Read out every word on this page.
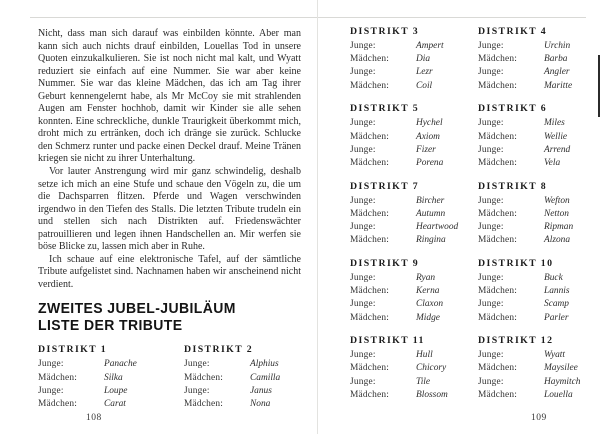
Nicht, dass man sich darauf was einbilden könnte. Aber man kann sich auch nichts drauf einbilden, Louellas Tod in unsere Quoten einzukalkulieren. Sie ist noch nicht mal kalt, und Wyatt reduziert sie einfach auf eine Nummer. Sie war aber keine Nummer. Sie war das kleine Mädchen, das ich am Tag ihrer Geburt kennengelernt habe, als Mr McCoy sie mit strahlenden Augen am Fenster hochhob, damit wir Kinder sie alle sehen konnten. Eine schreckliche, dunkle Traurigkeit überkommt mich, droht mich zu ertränken, doch ich dränge sie zurück. Schlucke den Schmerz runter und packe einen Deckel drauf. Meine Tränen kriegen sie nicht zu ihrer Unterhaltung.

Vor lauter Anstrengung wird mir ganz schwindelig, deshalb setze ich mich an eine Stufe und schaue den Vögeln zu, die um die Dachsparren flitzen. Pferde und Wagen verschwinden irgendwo in den Tiefen des Stalls. Die letzten Tribute trudeln ein und stellen sich nach Distrikten auf. Friedenswächter patrouillieren und legen ihnen Handschellen an. Mir werfen sie böse Blicke zu, lassen mich aber in Ruhe.

Ich schaue auf eine elektronische Tafel, auf der sämtliche Tribute aufgelistet sind. Nachnamen haben wir anscheinend nicht verdient.

ZWEITES JUBEL-JUBILÄUM
LISTE DER TRIBUTE
DISTRIKT 1
Junge:	Panache
Mädchen:	Silka
Junge:	Loupe
Mädchen:	Carat
DISTRIKT 2
Junge:	Alphius
Mädchen:	Camilla
Junge:	Janus
Mädchen:	Nona
DISTRIKT 3
Junge:	Ampert
Mädchen:	Dia
Junge:	Lezr
Mädchen:	Coil
DISTRIKT 4
Junge:	Urchin
Mädchen:	Barba
Junge:	Angler
Mädchen:	Maritte
DISTRIKT 5
Junge:	Hychel
Mädchen:	Axiom
Junge:	Fizer
Mädchen:	Porena
DISTRIKT 6
Junge:	Miles
Mädchen:	Wellie
Junge:	Arrend
Mädchen:	Vela
DISTRIKT 7
Junge:	Bircher
Mädchen:	Autumn
Junge:	Heartwood
Mädchen:	Ringina
DISTRIKT 8
Junge:	Wefton
Mädchen:	Netton
Junge:	Ripman
Mädchen:	Alzona
DISTRIKT 9
Junge:	Ryan
Mädchen:	Kerna
Junge:	Claxon
Mädchen:	Midge
DISTRIKT 10
Junge:	Buck
Mädchen:	Lannis
Junge:	Scamp
Mädchen:	Parler
DISTRIKT 11
Junge:	Hull
Mädchen:	Chicory
Junge:	Tile
Mädchen:	Blossom
DISTRIKT 12
Junge:	Wyatt
Mädchen:	Maysilee
Junge:	Haymitch
Mädchen:	Louella
108	109
